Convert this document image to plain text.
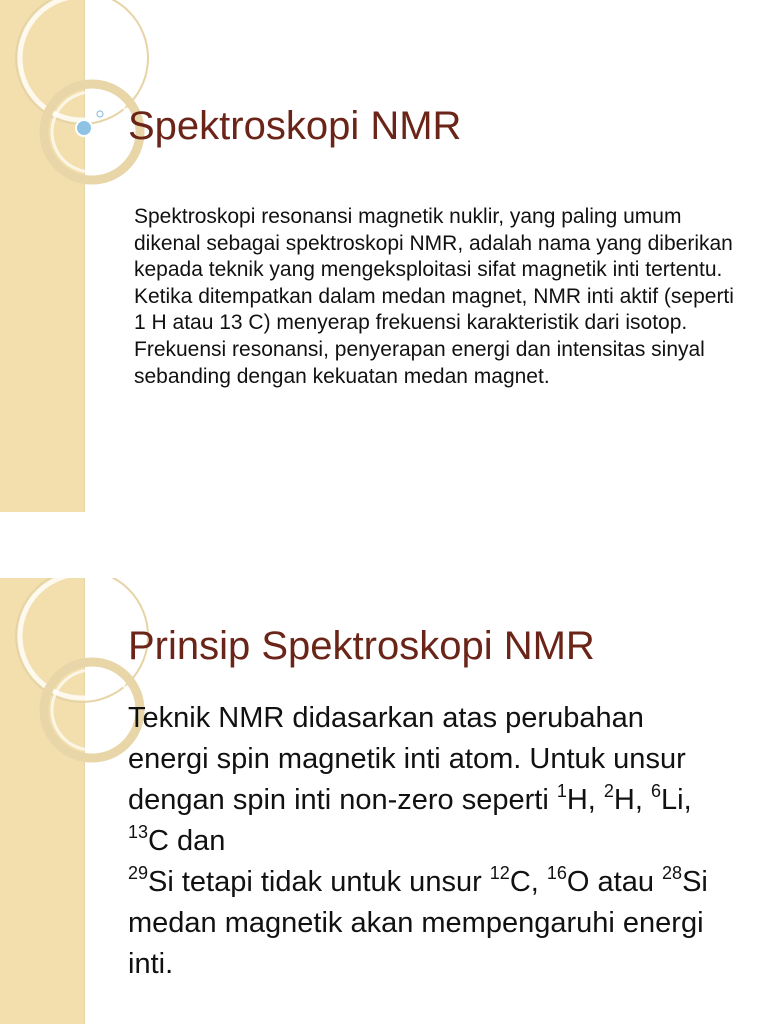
Spektroskopi NMR
Spektroskopi resonansi magnetik nuklir, yang paling umum dikenal sebagai spektroskopi NMR, adalah nama yang diberikan kepada teknik yang mengeksploitasi sifat magnetik inti tertentu. Ketika ditempatkan dalam medan magnet, NMR inti aktif (seperti 1 H atau 13 C) menyerap frekuensi karakteristik dari isotop. Frekuensi resonansi, penyerapan energi dan intensitas sinyal sebanding dengan kekuatan medan magnet.
Prinsip Spektroskopi NMR
Teknik NMR didasarkan atas perubahan energi spin magnetik inti atom. Untuk unsur dengan spin inti non-zero seperti $^1$H, $^2$H, $^6$Li, $^{13}$C dan
$^{29}$Si tetapi tidak untuk unsur $^{12}$C, $^{16}$O atau $^{28}$Si medan magnetik akan mempengaruhi energi inti.
